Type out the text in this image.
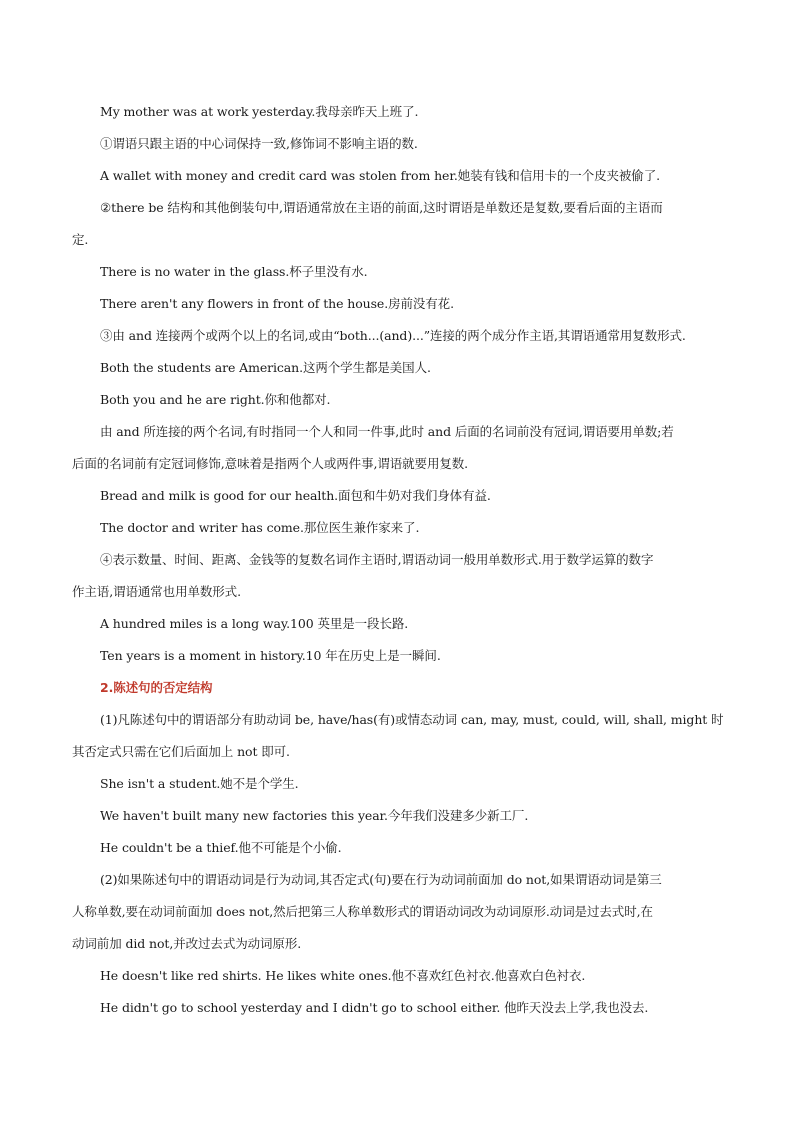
My mother was at work yesterday.我母亲昨天上班了.
①谓语只跟主语的中心词保持一致,修饰词不影响主语的数.
A wallet with money and credit card was stolen from her.她装有钱和信用卡的一个皮夹被偷了.
②there be 结构和其他倒装句中,谓语通常放在主语的前面,这时谓语是单数还是复数,要看后面的主语而
定.
There is no water in the glass.杯子里没有水.
There aren't any flowers in front of the house.房前没有花.
③由 and 连接两个或两个以上的名词,或由“both...(and)...”连接的两个成分作主语,其谓语通常用复数形式.
Both the students are American.这两个学生都是美国人.
Both you and he are right.你和他都对.
由 and 所连接的两个名词,有时指同一个人和同一件事,此时 and 后面的名词前没有冠词,谓语要用单数;若
后面的名词前有定冠词修饰,意味着是指两个人或两件事,谓语就要用复数.
Bread and milk is good for our health.面包和牛奶对我们身体有益.
The doctor and writer has come.那位医生兼作家来了.
④表示数量、时间、距离、金钱等的复数名词作主语时,谓语动词一般用单数形式.用于数学运算的数字
作主语,谓语通常也用单数形式.
A hundred miles is a long way.100 英里是一段长路.
Ten years is a moment in history.10 年在历史上是一瞬间.
2.陈述句的否定结构
(1)凡陈述句中的谓语部分有助动词 be, have/has(有)或情态动词 can, may, must, could, will, shall, might 时
其否定式只需在它们后面加上 not 即可.
She isn't a student.她不是个学生.
We haven't built many new factories this year.今年我们没建多少新工厂.
He couldn't be a thief.他不可能是个小偷.
(2)如果陈述句中的谓语动词是行为动词,其否定式(句)要在行为动词前面加 do not,如果谓语动词是第三
人称单数,要在动词前面加 does not,然后把第三人称单数形式的谓语动词改为动词原形.动词是过去式时,在
动词前加 did not,并改过去式为动词原形.
He doesn't like red shirts. He likes white ones.他不喜欢红色衬衣.他喜欢白色衬衣.
He didn't go to school yesterday and I didn't go to school either. 他昨天没去上学,我也没去.
